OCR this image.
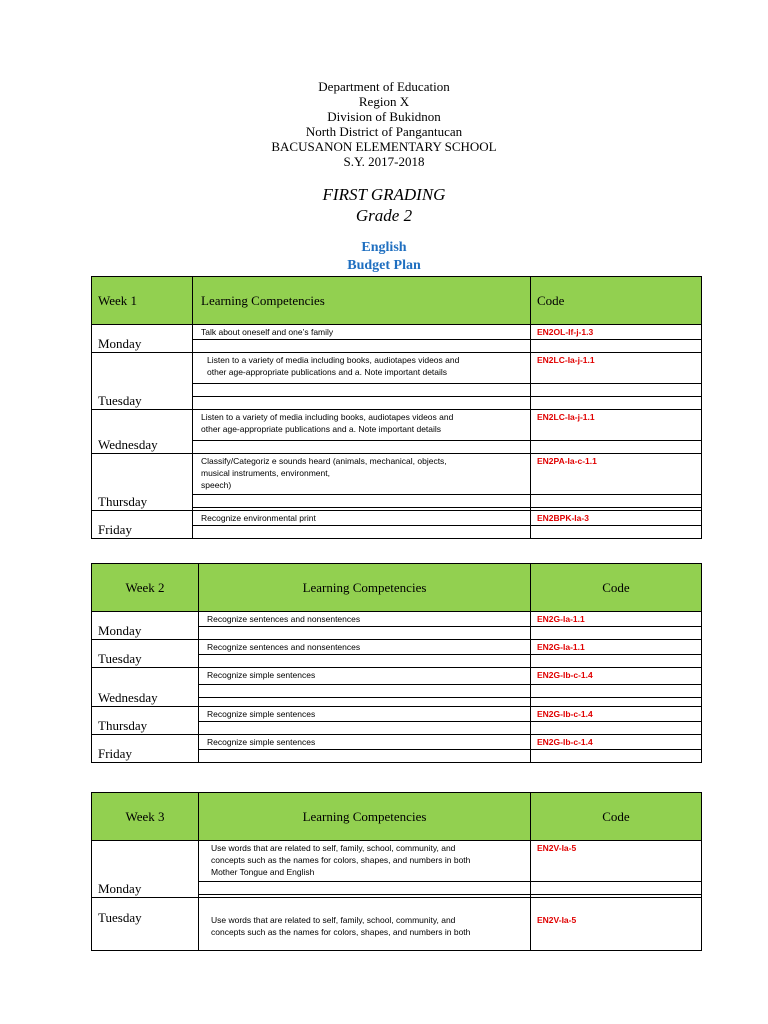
Department of Education
Region X
Division of Bukidnon
North District of Pangantucan
BACUSANON ELEMENTARY SCHOOL
S.Y. 2017-2018
FIRST GRADING
Grade 2
English
Budget Plan
Week 1	Learning Competencies	Code
Monday	Talk about oneself and one’s family	EN2OL-If-j-1.3

Tuesday	Listen to a variety of media including books, audiotapes videos and
other age-appropriate publications and a. Note important details	EN2LC-Ia-j-1.1

Wednesday	Listen to a variety of media including books, audiotapes videos and
other age-appropriate publications and a. Note important details	EN2LC-Ia-j-1.1

Thursday	Classify/Categoriz e sounds heard (animals, mechanical, objects,
musical instruments, environment,
speech)	EN2PA-Ia-c-1.1

Friday	Recognize environmental print	EN2BPK-Ia-3

Week 2	Learning Competencies	Code
Monday	Recognize sentences and nonsentences	EN2G-Ia-1.1

Tuesday	Recognize sentences and nonsentences	EN2G-Ia-1.1

Wednesday	Recognize simple sentences	EN2G-Ib-c-1.4

Thursday	Recognize simple sentences	EN2G-Ib-c-1.4

Friday	Recognize simple sentences	EN2G-Ib-c-1.4

Week 3	Learning Competencies	Code
Monday	Use words that are related to self, family, school, community, and
concepts such as the names for colors, shapes, and numbers in both
Mother Tongue and English	EN2V-Ia-5

Tuesday	Use words that are related to self, family, school, community, and
concepts such as the names for colors, shapes, and numbers in both	EN2V-Ia-5
